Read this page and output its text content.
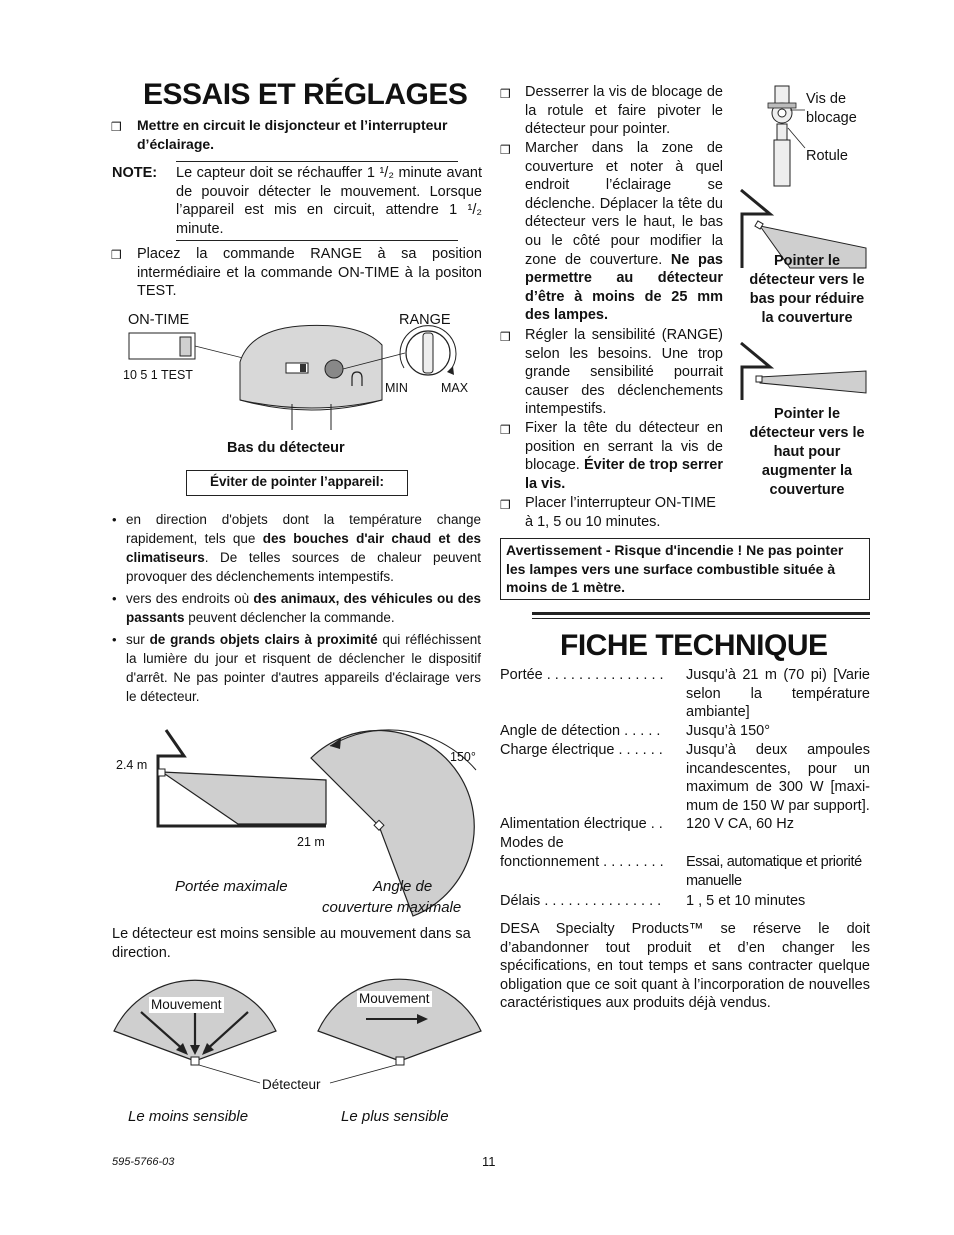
ESSAIS ET RÉGLAGES
❒ Mettre en circuit le disjoncteur et l’interrupteur d’éclairage.
NOTE: Le capteur doit se réchauffer 1 ¹/₂ minute avant de pouvoir détecter le mouvement. Lorsque l’appareil est mis en circuit, attendre 1 ¹/₂ minute.
❒ Placez la commande RANGE à sa position intermédiaire et la commande ON-TIME à la positon TEST.
ON-TIME	RANGE
10 5 1 TEST
MIN	MAX
Bas du détecteur
Éviter de pointer l’appareil:
• en direction d'objets dont la température change rapidement, tels que des bouches d'air chaud et des climatiseurs. De telles sources de chaleur peuvent provoquer des déclenchements intempestifs.
• vers des endroits où des animaux, des véhicules ou des passants peuvent déclencher la commande.
• sur de grands objets clairs à proximité qui réfléchissent la lumière du jour et risquent de déclencher le dispositif d'arrêt. Ne pas pointer d'autres appareils d'éclairage vers le détecteur.
2.4 m
21 m
150°
Portée maximale	Angle de
couverture maximale
Le détecteur est moins sensible au mouvement dans sa direction.
Mouvement	Mouvement
Détecteur
Le moins sensible	Le plus sensible
❒ Desserrer la vis de blocage de la rotule et faire pivoter le détecteur pour pointer.
❒ Marcher dans la zone de couverture et noter à quel endroit l’éclairage se déclenche. Déplacer la tête du détecteur vers le haut, le bas ou le côté pour modifier la zone de couverture. Ne pas permettre au détecteur d’être à moins de 25 mm des lampes.
❒ Régler la sensibilité (RANGE) selon les besoins. Une trop grande sensibilité pourrait causer des déclenchements intempestifs.
❒ Fixer la tête du détecteur en position en serrant la vis de blocage. Éviter de trop serrer la vis.
❒ Placer l’interrupteur ON-TIME à 1, 5 ou 10 minutes.
Vis de
blocage
Rotule
Pointer le détecteur vers le bas pour réduire la couverture
Pointer le détecteur vers le haut pour augmenter la couverture
Avertissement - Risque d'incendie ! Ne pas pointer les lampes vers une surface combustible située à moins de 1 mètre.
FICHE TECHNIQUE
Portée . . . . . . . . . . . . . . . Jusqu’à 21 m (70 pi) [Varie selon la température ambiante]
Angle de détection . . . . . Jusqu’à 150°
Charge électrique . . . . . . Jusqu’à deux ampoules incandescentes, pour un maximum de 300 W [maxi-mum de 150 W par support].
Alimentation électrique . . 120 V CA, 60 Hz
Modes de
fonctionnement . . . . . . . . Essai, automatique et priorité manuelle
Délais . . . . . . . . . . . . . . . 1 , 5 et 10 minutes
DESA Specialty Products™ se réserve le doit d’abandonner tout produit et d’en changer les spécifications, en tout temps et sans contracter quelque obligation que ce soit quant à l’incorporation de nouvelles caractéristiques aux produits déjà vendus.
595-5766-03	11
